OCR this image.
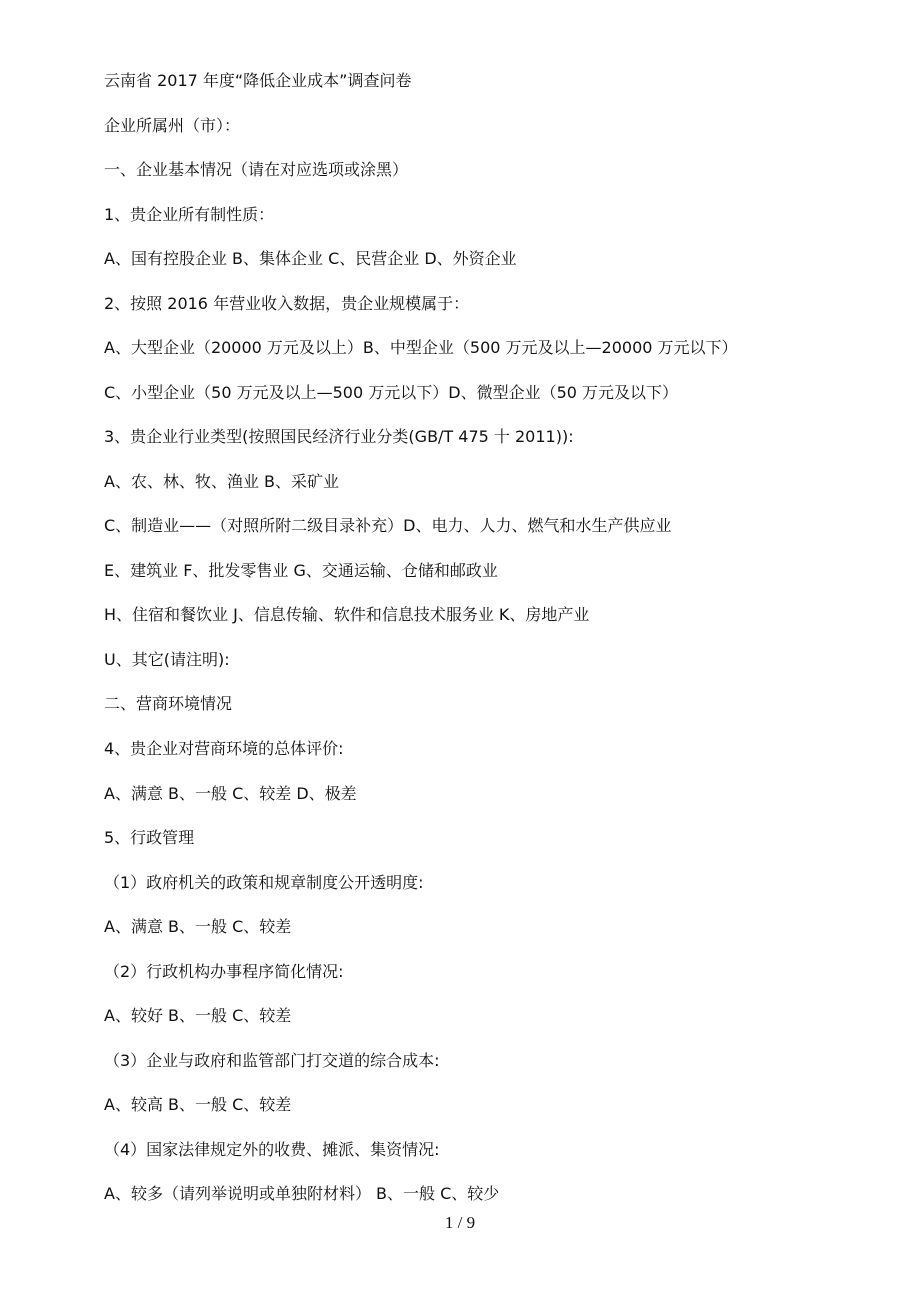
云南省 2017 年度“降低企业成本”调查问卷
企业所属州（市）：
一、企业基本情况（请在对应选项或涂黑）
1、贵企业所有制性质：
A、国有控股企业 B、集体企业 C、民营企业 D、外资企业
2、按照 2016 年营业收入数据，贵企业规模属于：
A、大型企业（20000 万元及以上）B、中型企业（500 万元及以上—20000 万元以下）
C、小型企业（50 万元及以上—500 万元以下）D、微型企业（50 万元及以下）
3、贵企业行业类型(按照国民经济行业分类(GB/T 475 十 2011)):
A、农、林、牧、渔业 B、采矿业
C、制造业——（对照所附二级目录补充）D、电力、人力、燃气和水生产供应业
E、建筑业 F、批发零售业 G、交通运输、仓储和邮政业
H、住宿和餐饮业 J、信息传输、软件和信息技术服务业 K、房地产业
U、其它(请注明):
二、营商环境情况
4、贵企业对营商环境的总体评价:
A、满意 B、一般 C、较差 D、极差
5、行政管理
（1）政府机关的政策和规章制度公开透明度:
A、满意 B、一般 C、较差
（2）行政机构办事程序简化情况:
A、较好 B、一般 C、较差
（3）企业与政府和监管部门打交道的综合成本:
A、较高 B、一般 C、较差
（4）国家法律规定外的收费、摊派、集资情况:
A、较多（请列举说明或单独附材料） B、一般 C、较少
1 / 9
